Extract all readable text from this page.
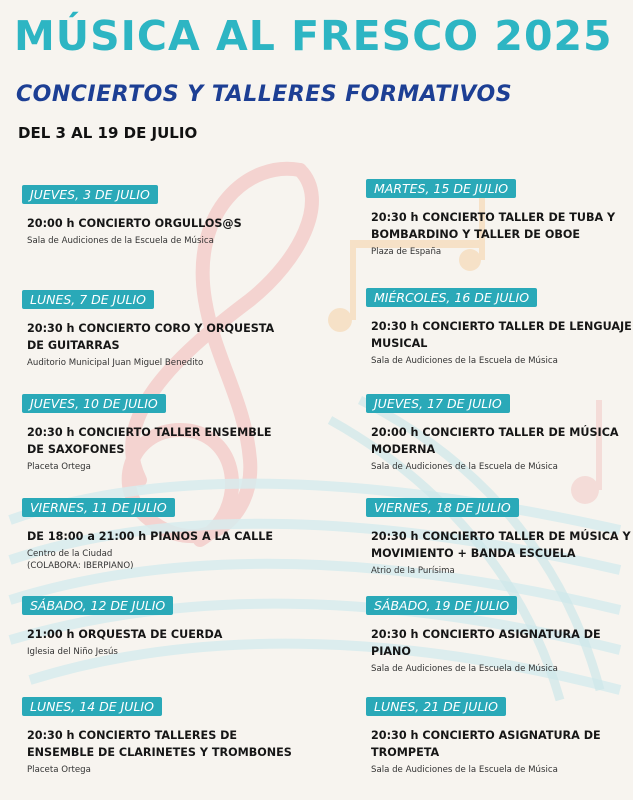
MÚSICA AL FRESCO 2025
CONCIERTOS Y TALLERES FORMATIVOS
DEL 3 AL 19 DE JULIO
JUEVES, 3 DE JULIO
20:00 h CONCIERTO ORGULLOS@S
Sala de Audiciones de la Escuela de Música
LUNES, 7 DE JULIO
20:30 h CONCIERTO CORO Y ORQUESTA DE GUITARRAS
Auditorio Municipal Juan Miguel Benedito
JUEVES, 10 DE JULIO
20:30 h CONCIERTO TALLER ENSEMBLE DE SAXOFONES
Placeta Ortega
VIERNES, 11 DE JULIO
DE 18:00 a 21:00 h PIANOS A LA CALLE
Centro de la Ciudad
(COLABORA: IBERPIANO)
SÁBADO, 12 DE JULIO
21:00 h ORQUESTA DE CUERDA
Iglesia del Niño Jesús
LUNES, 14 DE JULIO
20:30 h CONCIERTO TALLERES DE ENSEMBLE DE CLARINETES Y TROMBONES
Placeta Ortega
MARTES, 15 DE JULIO
20:30 h CONCIERTO TALLER DE TUBA Y BOMBARDINO Y TALLER DE OBOE
Plaza de España
MIÉRCOLES, 16 DE JULIO
20:30 h CONCIERTO TALLER DE LENGUAJE MUSICAL
Sala de Audiciones de la Escuela de Música
JUEVES, 17 DE JULIO
20:00 h CONCIERTO TALLER DE MÚSICA MODERNA
Sala de Audiciones de la Escuela de Música
VIERNES, 18 DE JULIO
20:30 h CONCIERTO TALLER DE MÚSICA Y MOVIMIENTO + BANDA ESCUELA
Atrio de la Purísima
SÁBADO, 19 DE JULIO
20:30 h CONCIERTO ASIGNATURA DE PIANO
Sala de Audiciones de la Escuela de Música
LUNES, 21 DE JULIO
20:30 h CONCIERTO ASIGNATURA DE TROMPETA
Sala de Audiciones de la Escuela de Música
